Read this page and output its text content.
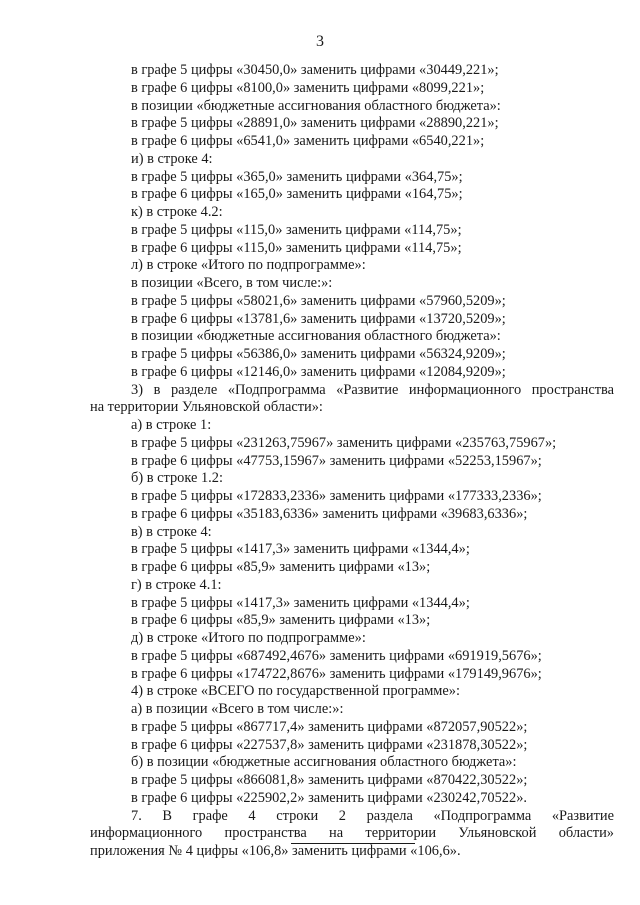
3
в графе 5 цифры «30450,0» заменить цифрами «30449,221»;
в графе 6 цифры «8100,0» заменить цифрами «8099,221»;
в позиции «бюджетные ассигнования областного бюджета»:
в графе 5 цифры «28891,0» заменить цифрами «28890,221»;
в графе 6 цифры «6541,0» заменить цифрами «6540,221»;
и) в строке 4:
в графе 5 цифры «365,0» заменить цифрами «364,75»;
в графе 6 цифры «165,0» заменить цифрами «164,75»;
к) в строке 4.2:
в графе 5 цифры «115,0» заменить цифрами «114,75»;
в графе 6 цифры «115,0» заменить цифрами «114,75»;
л) в строке «Итого по подпрограмме»:
в позиции «Всего, в том числе:»:
в графе 5 цифры «58021,6» заменить цифрами «57960,5209»;
в графе 6 цифры «13781,6» заменить цифрами «13720,5209»;
в позиции «бюджетные ассигнования областного бюджета»:
в графе 5 цифры «56386,0» заменить цифрами «56324,9209»;
в графе 6 цифры «12146,0» заменить цифрами «12084,9209»;
3) в разделе «Подпрограмма «Развитие информационного пространства
на территории Ульяновской области»:
а) в строке 1:
в графе 5 цифры «231263,75967» заменить цифрами «235763,75967»;
в графе 6 цифры «47753,15967» заменить цифрами «52253,15967»;
б) в строке 1.2:
в графе 5 цифры «172833,2336» заменить цифрами «177333,2336»;
в графе 6 цифры «35183,6336» заменить цифрами «39683,6336»;
в) в строке 4:
в графе 5 цифры «1417,3» заменить цифрами «1344,4»;
в графе 6 цифры «85,9» заменить цифрами «13»;
г) в строке 4.1:
в графе 5 цифры «1417,3» заменить цифрами «1344,4»;
в графе 6 цифры «85,9» заменить цифрами «13»;
д) в строке «Итого по подпрограмме»:
в графе 5 цифры «687492,4676» заменить цифрами «691919,5676»;
в графе 6 цифры «174722,8676» заменить цифрами «179149,9676»;
4) в строке «ВСЕГО по государственной программе»:
а) в позиции «Всего в том числе:»:
в графе 5 цифры «867717,4» заменить цифрами «872057,90522»;
в графе 6 цифры «227537,8» заменить цифрами «231878,30522»;
б) в позиции «бюджетные ассигнования областного бюджета»:
в графе 5 цифры «866081,8» заменить цифрами «870422,30522»;
в графе 6 цифры «225902,2» заменить цифрами «230242,70522».
7. В графе 4 строки 2 раздела «Подпрограмма «Развитие
информационного пространства на территории Ульяновской области»
приложения № 4 цифры «106,8» заменить цифрами «106,6».
